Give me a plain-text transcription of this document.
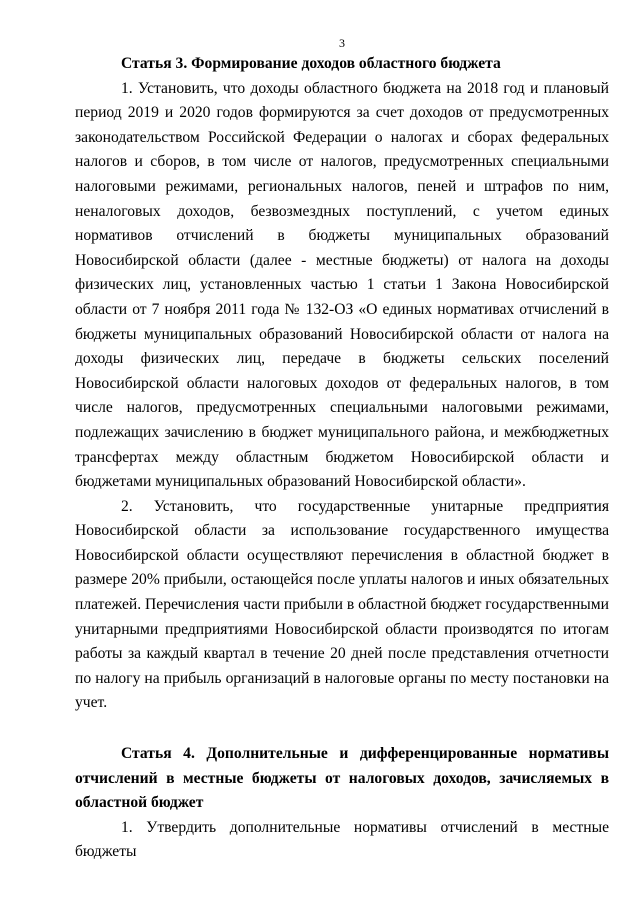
3

Статья 3. Формирование доходов областного бюджета

1. Установить, что доходы областного бюджета на 2018 год и плановый период 2019 и 2020 годов формируются за счет доходов от предусмотренных законодательством Российской Федерации о налогах и сборах федеральных налогов и сборов, в том числе от налогов, предусмотренных специальными налоговыми режимами, региональных налогов, пеней и штрафов по ним, неналоговых доходов, безвозмездных поступлений, с учетом единых нормативов отчислений в бюджеты муниципальных образований Новосибирской области (далее - местные бюджеты) от налога на доходы физических лиц, установленных частью 1 статьи 1 Закона Новосибирской области от 7 ноября 2011 года № 132-ОЗ «О единых нормативах отчислений в бюджеты муниципальных образований Новосибирской области от налога на доходы физических лиц, передаче в бюджеты сельских поселений Новосибирской области налоговых доходов от федеральных налогов, в том числе налогов, предусмотренных специальными налоговыми режимами, подлежащих зачислению в бюджет муниципального района, и межбюджетных трансфертах между областным бюджетом Новосибирской области и бюджетами муниципальных образований Новосибирской области».

2. Установить, что государственные унитарные предприятия Новосибирской области за использование государственного имущества Новосибирской области осуществляют перечисления в областной бюджет в размере 20% прибыли, остающейся после уплаты налогов и иных обязательных платежей. Перечисления части прибыли в областной бюджет государственными унитарными предприятиями Новосибирской области производятся по итогам работы за каждый квартал в течение 20 дней после представления отчетности по налогу на прибыль организаций в налоговые органы по месту постановки на учет.

Статья 4. Дополнительные и дифференцированные нормативы отчислений в местные бюджеты от налоговых доходов, зачисляемых в областной бюджет

1. Утвердить дополнительные нормативы отчислений в местные бюджеты
